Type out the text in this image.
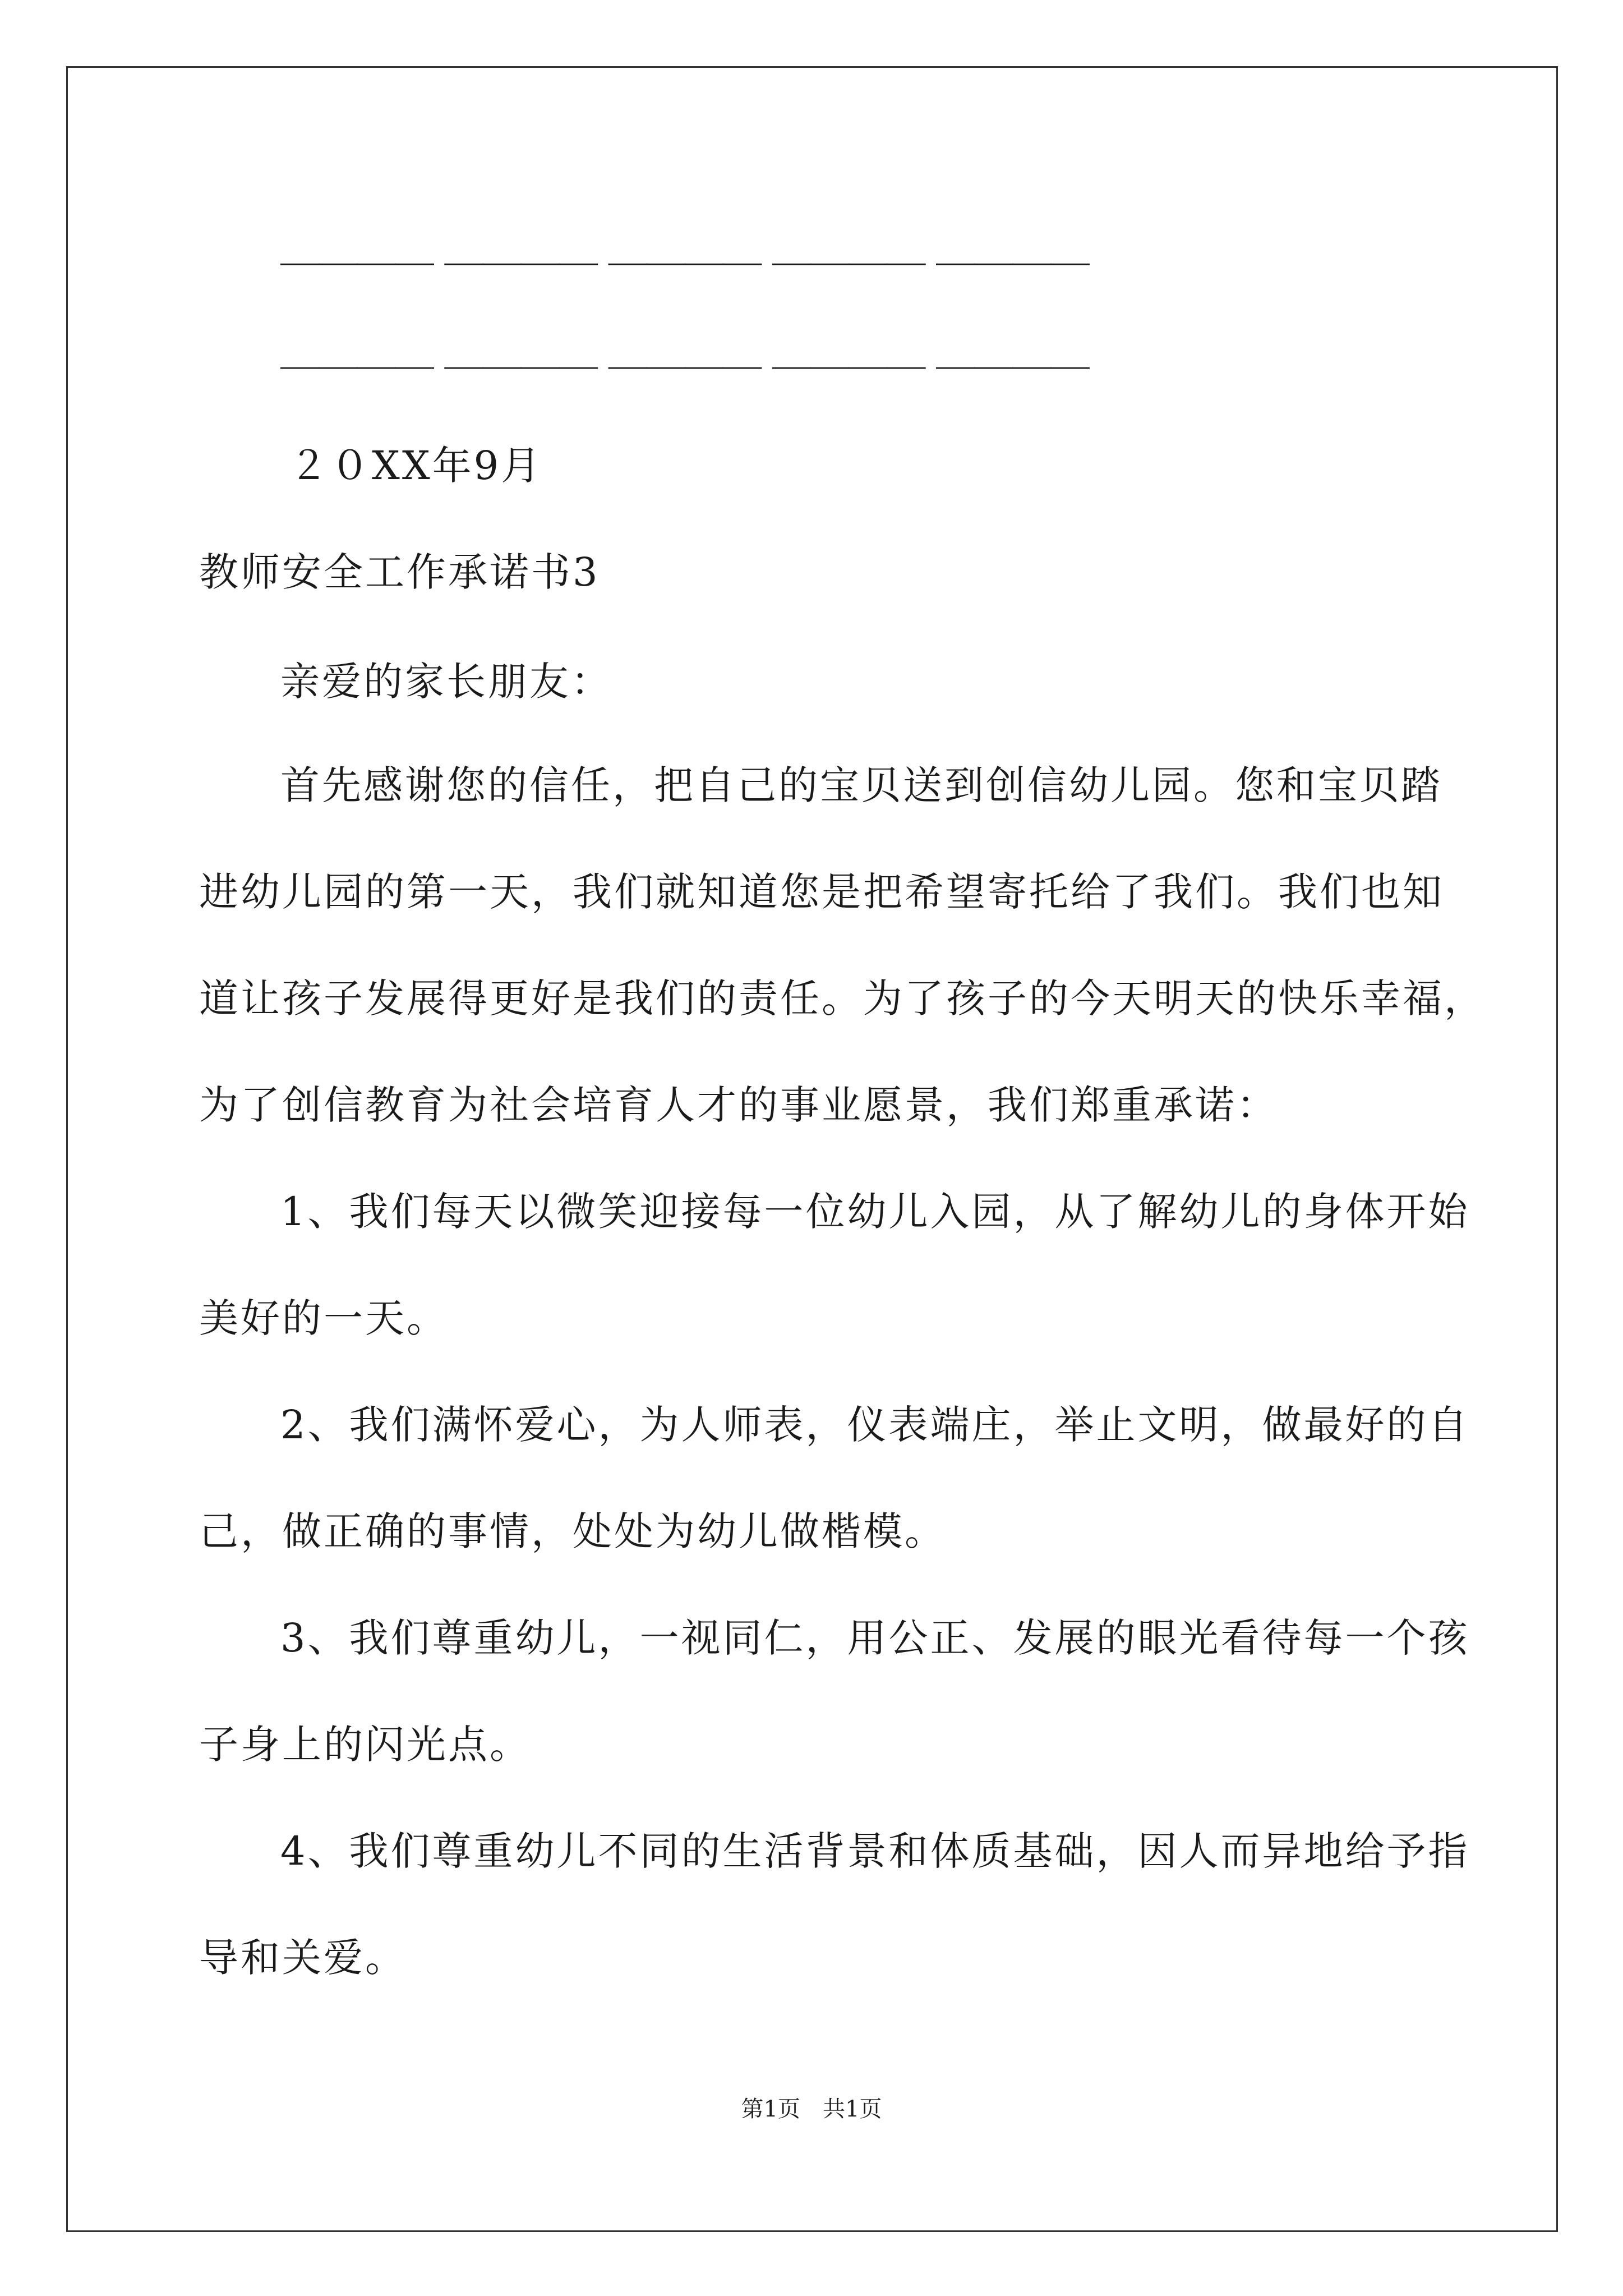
＿＿＿＿ ＿＿＿＿ ＿＿＿＿ ＿＿＿＿ ＿＿＿＿
＿＿＿＿ ＿＿＿＿ ＿＿＿＿ ＿＿＿＿ ＿＿＿＿
２０XX年9月
教师安全工作承诺书3
亲爱的家长朋友：
首先感谢您的信任，把自己的宝贝送到创信幼儿园。您和宝贝踏
进幼儿园的第一天，我们就知道您是把希望寄托给了我们。我们也知
道让孩子发展得更好是我们的责任。为了孩子的今天明天的快乐幸福，
为了创信教育为社会培育人才的事业愿景，我们郑重承诺：
1、我们每天以微笑迎接每一位幼儿入园，从了解幼儿的身体开始
美好的一天。
2、我们满怀爱心，为人师表，仪表端庄，举止文明，做最好的自
己，做正确的事情，处处为幼儿做楷模。
3、我们尊重幼儿，一视同仁，用公正、发展的眼光看待每一个孩
子身上的闪光点。
4、我们尊重幼儿不同的生活背景和体质基础，因人而异地给予指
导和关爱。
第1页　共1页
